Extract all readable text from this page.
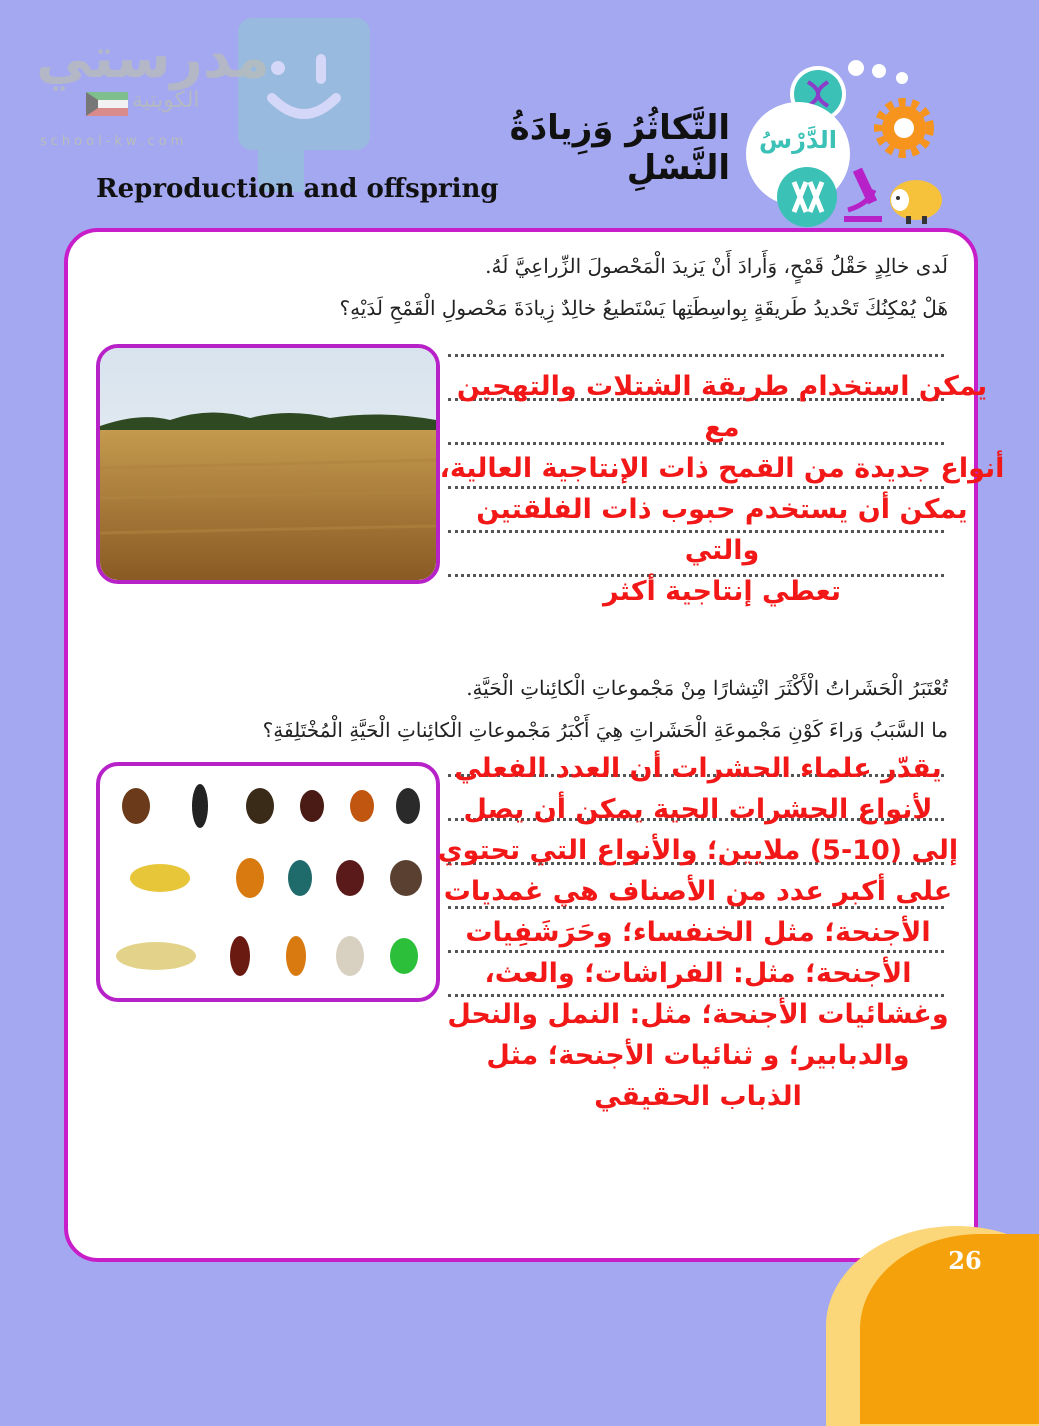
مدرستي
الكويتية
school-kw.com	التَّكاثُرُ وَزِيادَةُ النَّسْلِ
Reproduction and offspring
الدَّرْسُ
لَدى خالِدٍ حَقْلُ قَمْحٍ، وَأَرادَ أَنْ يَزيدَ الْمَحْصولَ الزِّراعِيَّ لَهُ.
هَلْ يُمْكِنُكَ تَحْديدُ طَريقَةٍ بِواسِطَتِها يَسْتَطيعُ خالِدٌ زِيادَةَ مَحْصولِ الْقَمْحِ لَدَيْهِ؟
يمكن استخدام طريقة الشتلات والتهجين مع
أنواع جديدة من القمح ذات الإنتاجية العالية،
يمكن أن يستخدم حبوب ذات الفلقتين والتي
تعطي إنتاجية أكثر
تُعْتَبَرُ الْحَشَراتُ الْأَكْثَرَ انْتِشارًا مِنْ مَجْموعاتِ الْكائِناتِ الْحَيَّةِ.
ما السَّبَبُ وَراءَ كَوْنِ مَجْموعَةِ الْحَشَراتِ هِيَ أَكْبَرُ مَجْموعاتِ الْكائِناتِ الْحَيَّةِ الْمُخْتَلِفَةِ؟
يقدّر علماء الحشرات أن العدد الفعلي
لأنواع الحشرات الحية يمكن أن يصل
إلى (10-5) ملايين؛ والأنواع التي تحتوي
على أكبر عدد من الأصناف هي غمديات
الأجنحة؛ مثل الخنفساء؛ وحَرَشَفِيات
الأجنحة؛ مثل: الفراشات؛ والعث،
وغشائيات الأجنحة؛ مثل: النمل والنحل
والدبابير؛ و ثنائيات الأجنحة؛ مثل
الذباب الحقيقي
26
